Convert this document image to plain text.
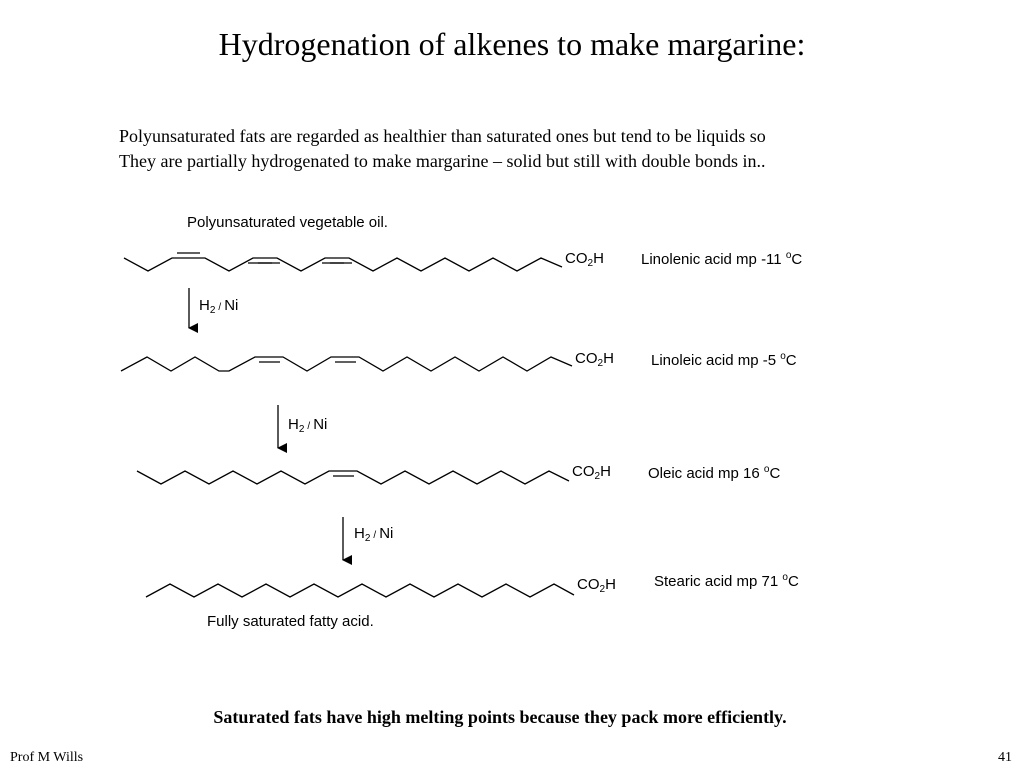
Hydrogenation of alkenes to make margarine:
Polyunsaturated fats are regarded as healthier than saturated ones but tend to be liquids so
They are partially hydrogenated to make margarine – solid but still with double bonds in..
Polyunsaturated vegetable oil.
Fully saturated fatty acid.
$CO_2H$
$CO_2H$
$CO_2H$
$CO_2H$
Linolenic acid mp -11 $^o$C
Linoleic acid mp -5 $^o$C
Oleic acid mp 16 $^o$C
Stearic acid mp 71 $^o$C
$H_2$ / Ni
$H_2$ / Ni
$H_2$ / Ni
Saturated fats have high melting points because they pack more efficiently.
Prof M Wills	41
